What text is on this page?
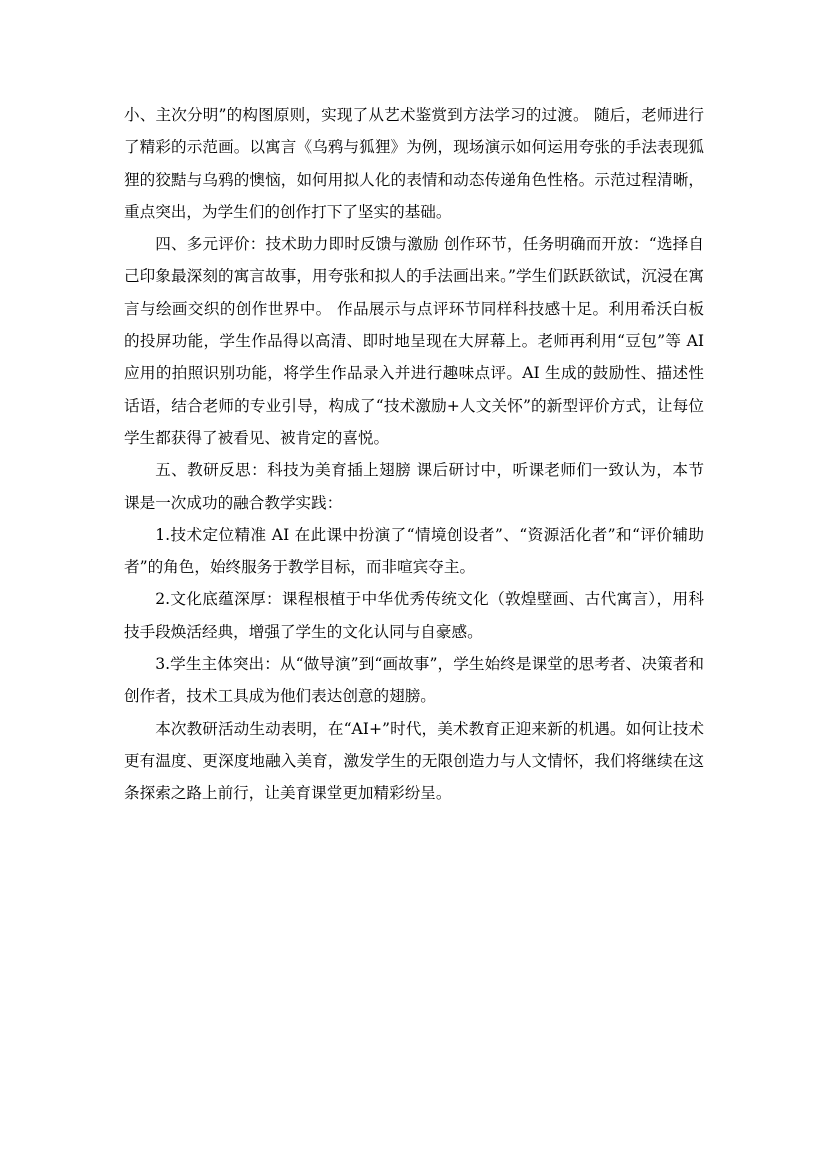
小、主次分明”的构图原则，实现了从艺术鉴赏到方法学习的过渡。 随后，老师进行了精彩的示范画。以寓言《乌鸦与狐狸》为例，现场演示如何运用夸张的手法表现狐狸的狡黠与乌鸦的懊恼，如何用拟人化的表情和动态传递角色性格。示范过程清晰，重点突出，为学生们的创作打下了坚实的基础。

四、多元评价：技术助力即时反馈与激励 创作环节，任务明确而开放：“选择自己印象最深刻的寓言故事，用夸张和拟人的手法画出来。”学生们跃跃欲试，沉浸在寓言与绘画交织的创作世界中。 作品展示与点评环节同样科技感十足。利用希沃白板的投屏功能，学生作品得以高清、即时地呈现在大屏幕上。老师再利用“豆包”等 AI 应用的拍照识别功能，将学生作品录入并进行趣味点评。AI 生成的鼓励性、描述性话语，结合老师的专业引导，构成了“技术激励+人文关怀”的新型评价方式，让每位学生都获得了被看见、被肯定的喜悦。

五、教研反思：科技为美育插上翅膀 课后研讨中，听课老师们一致认为，本节课是一次成功的融合教学实践：

1.技术定位精准 AI 在此课中扮演了“情境创设者”、“资源活化者”和“评价辅助者”的角色，始终服务于教学目标，而非喧宾夺主。

2.文化底蕴深厚：课程根植于中华优秀传统文化（敦煌壁画、古代寓言），用科技手段焕活经典，增强了学生的文化认同与自豪感。

3.学生主体突出：从“做导演”到“画故事”，学生始终是课堂的思考者、决策者和创作者，技术工具成为他们表达创意的翅膀。

本次教研活动生动表明，在“AI+”时代，美术教育正迎来新的机遇。如何让技术更有温度、更深度地融入美育，激发学生的无限创造力与人文情怀，我们将继续在这条探索之路上前行，让美育课堂更加精彩纷呈。
